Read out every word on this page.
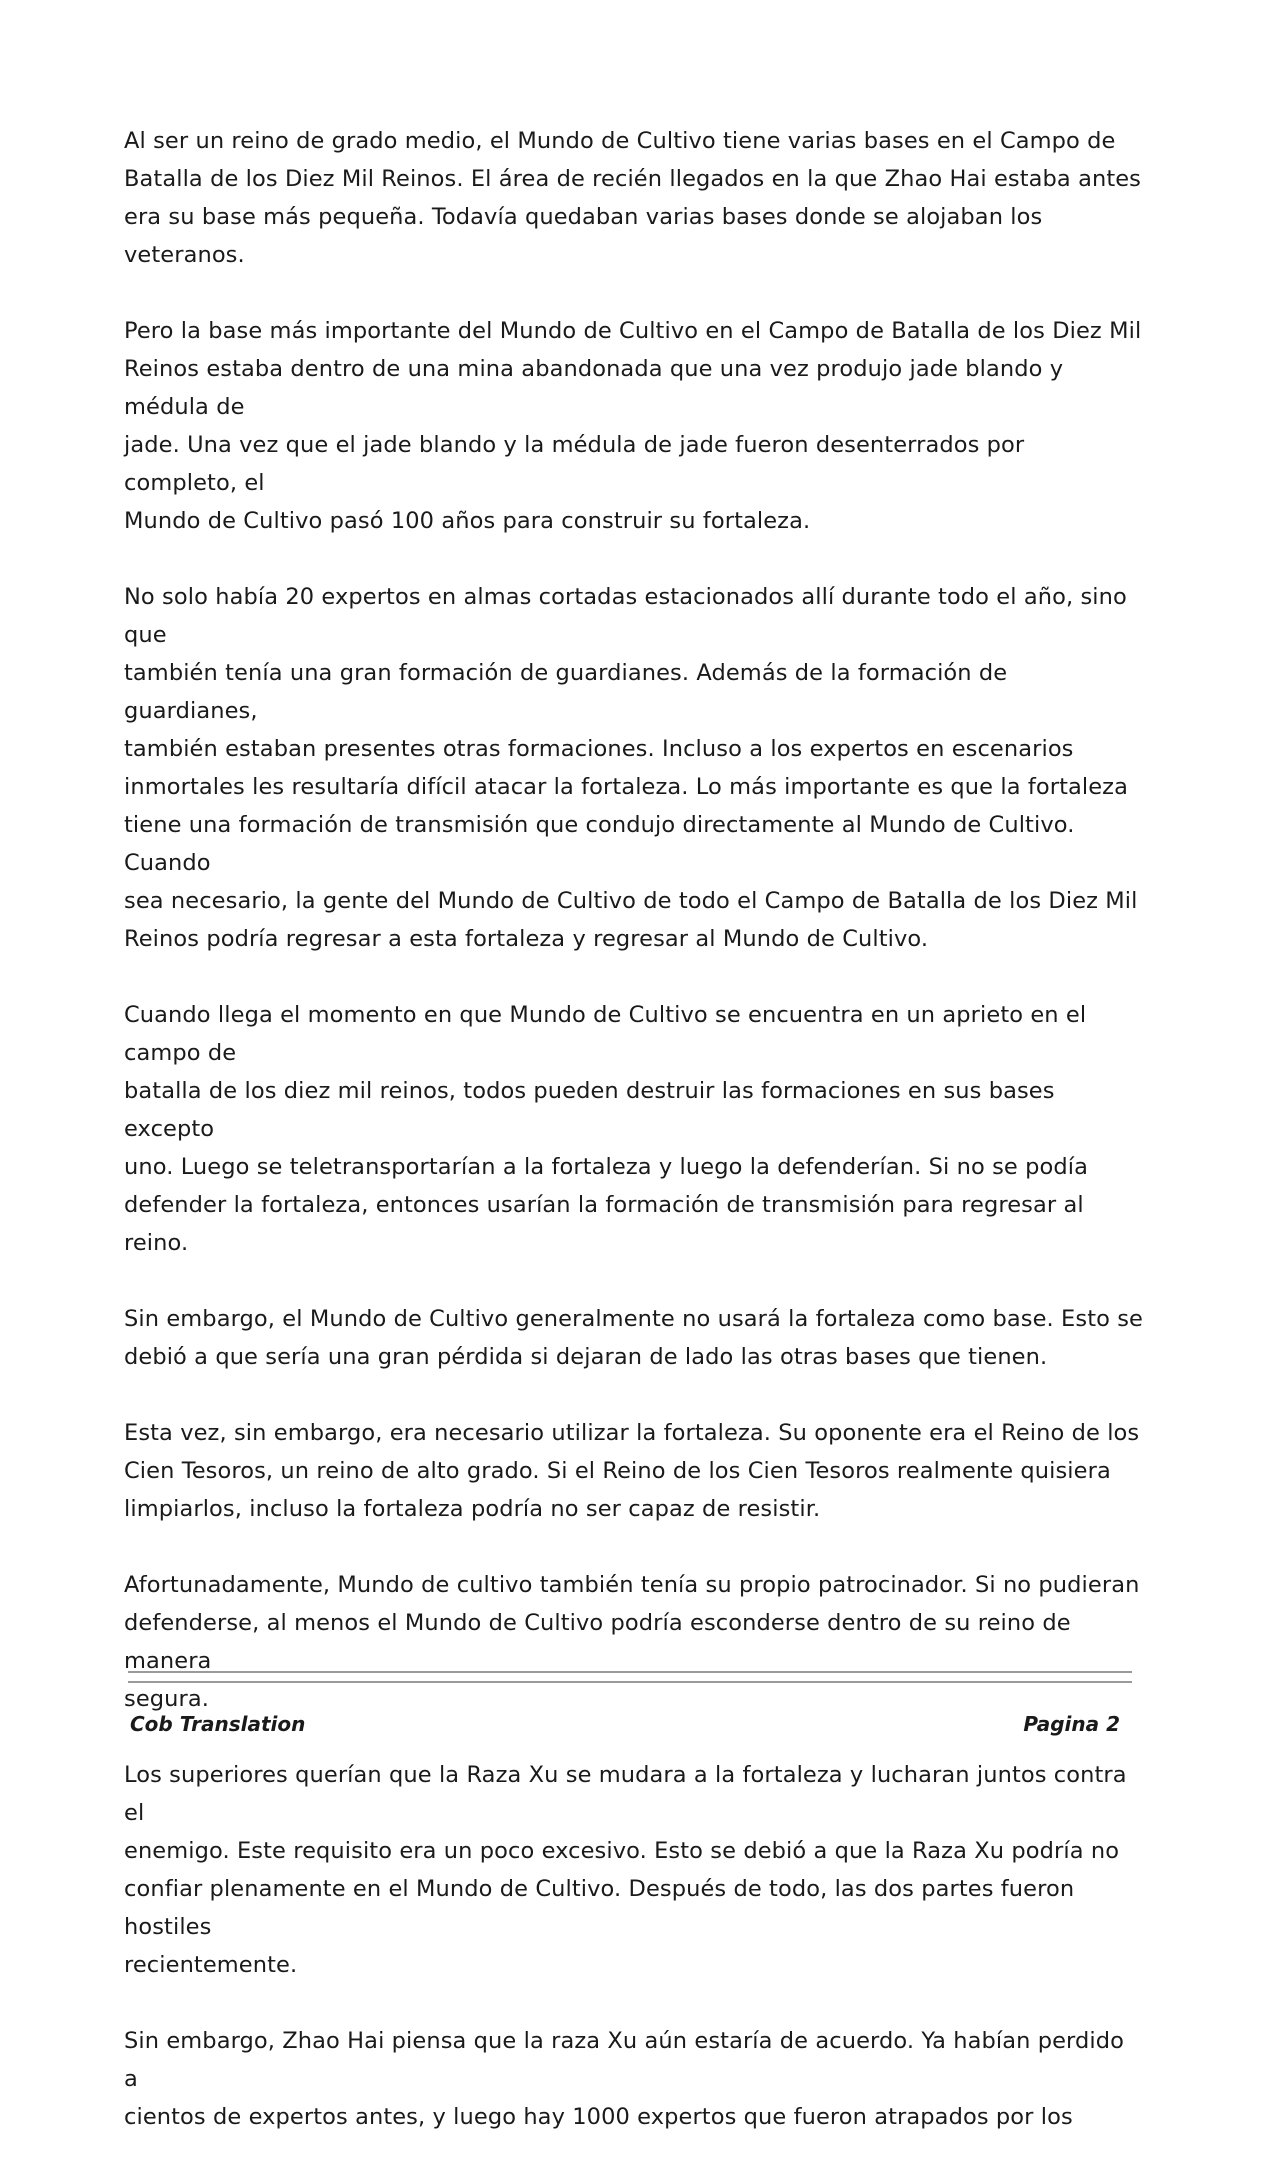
Al ser un reino de grado medio, el Mundo de Cultivo tiene varias bases en el Campo de
Batalla de los Diez Mil Reinos. El área de recién llegados en la que Zhao Hai estaba antes
era su base más pequeña. Todavía quedaban varias bases donde se alojaban los veteranos.

Pero la base más importante del Mundo de Cultivo en el Campo de Batalla de los Diez Mil
Reinos estaba dentro de una mina abandonada que una vez produjo jade blando y médula de
jade. Una vez que el jade blando y la médula de jade fueron desenterrados por completo, el
Mundo de Cultivo pasó 100 años para construir su fortaleza.

No solo había 20 expertos en almas cortadas estacionados allí durante todo el año, sino que
también tenía una gran formación de guardianes. Además de la formación de guardianes,
también estaban presentes otras formaciones. Incluso a los expertos en escenarios
inmortales les resultaría difícil atacar la fortaleza. Lo más importante es que la fortaleza
tiene una formación de transmisión que condujo directamente al Mundo de Cultivo. Cuando
sea necesario, la gente del Mundo de Cultivo de todo el Campo de Batalla de los Diez Mil
Reinos podría regresar a esta fortaleza y regresar al Mundo de Cultivo.

Cuando llega el momento en que Mundo de Cultivo se encuentra en un aprieto en el campo de
batalla de los diez mil reinos, todos pueden destruir las formaciones en sus bases excepto
uno. Luego se teletransportarían a la fortaleza y luego la defenderían. Si no se podía
defender la fortaleza, entonces usarían la formación de transmisión para regresar al reino.

Sin embargo, el Mundo de Cultivo generalmente no usará la fortaleza como base. Esto se
debió a que sería una gran pérdida si dejaran de lado las otras bases que tienen.

Esta vez, sin embargo, era necesario utilizar la fortaleza. Su oponente era el Reino de los
Cien Tesoros, un reino de alto grado. Si el Reino de los Cien Tesoros realmente quisiera
limpiarlos, incluso la fortaleza podría no ser capaz de resistir.

Afortunadamente, Mundo de cultivo también tenía su propio patrocinador. Si no pudieran
defenderse, al menos el Mundo de Cultivo podría esconderse dentro de su reino de manera
segura.

Los superiores querían que la Raza Xu se mudara a la fortaleza y lucharan juntos contra el
enemigo. Este requisito era un poco excesivo. Esto se debió a que la Raza Xu podría no
confiar plenamente en el Mundo de Cultivo. Después de todo, las dos partes fueron hostiles
recientemente.

Sin embargo, Zhao Hai piensa que la raza Xu aún estaría de acuerdo. Ya habían perdido a
cientos de expertos antes, y luego hay 1000 expertos que fueron atrapados por los

Cob Translation	Pagina 2
